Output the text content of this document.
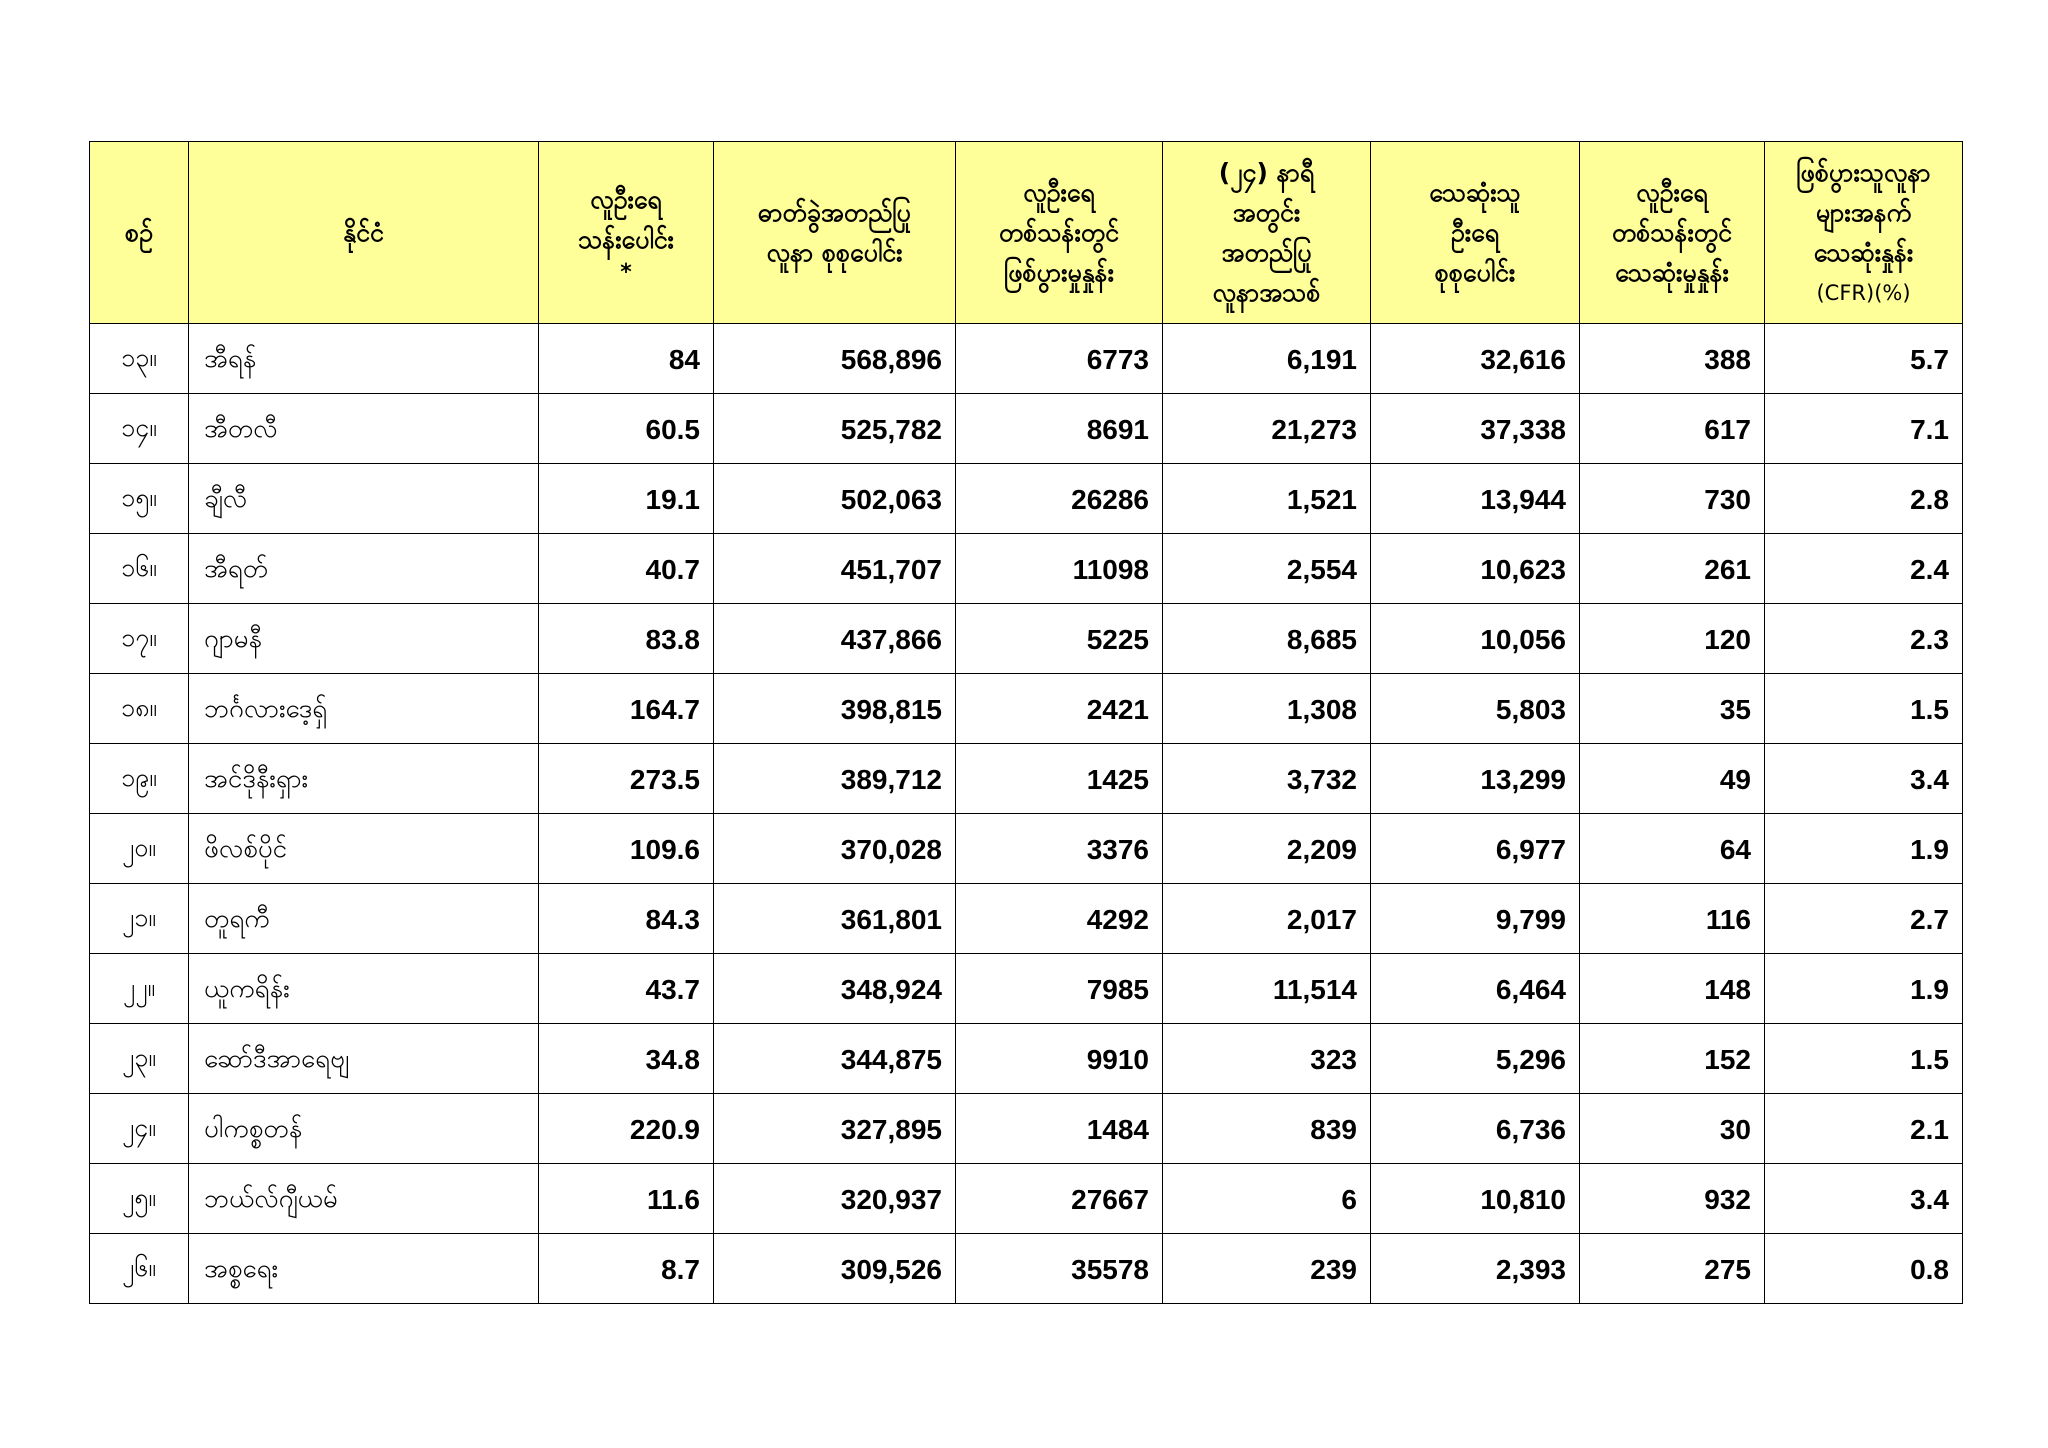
စဉ်	နိုင်ငံ	လူဦးရေ
သန်းပေါင်း
*	ဓာတ်ခွဲအတည်ပြု
လူနာ စုစုပေါင်း	လူဦးရေ
တစ်သန်းတွင်
ဖြစ်ပွားမှုနှုန်း	(၂၄) နာရီ
အတွင်း
အတည်ပြု
လူနာအသစ်	သေဆုံးသူ
ဦးရေ
စုစုပေါင်း	လူဦးရေ
တစ်သန်းတွင်
သေဆုံးမှုနှုန်း	ဖြစ်ပွားသူလူနာ
များအနက်
သေဆုံးနှုန်း
(CFR)(%)

၁၃။	အီရန်	84	568,896	6773	6,191	32,616	388	5.7
၁၄။	အီတလီ	60.5	525,782	8691	21,273	37,338	617	7.1
၁၅။	ချီလီ	19.1	502,063	26286	1,521	13,944	730	2.8
၁၆။	အီရတ်	40.7	451,707	11098	2,554	10,623	261	2.4
၁၇။	ဂျာမနီ	83.8	437,866	5225	8,685	10,056	120	2.3
၁၈။	ဘင်္ဂလားဒေ့ရှ်	164.7	398,815	2421	1,308	5,803	35	1.5
၁၉။	အင်ဒိုနီးရှား	273.5	389,712	1425	3,732	13,299	49	3.4
၂၀။	ဖိလစ်ပိုင်	109.6	370,028	3376	2,209	6,977	64	1.9
၂၁။	တူရကီ	84.3	361,801	4292	2,017	9,799	116	2.7
၂၂။	ယူကရိန်း	43.7	348,924	7985	11,514	6,464	148	1.9
၂၃။	ဆော်ဒီအာရေဗျ	34.8	344,875	9910	323	5,296	152	1.5
၂၄။	ပါကစ္စတန်	220.9	327,895	1484	839	6,736	30	2.1
၂၅။	ဘယ်လ်ဂျီယမ်	11.6	320,937	27667	6	10,810	932	3.4
၂၆။	အစ္စရေး	8.7	309,526	35578	239	2,393	275	0.8
